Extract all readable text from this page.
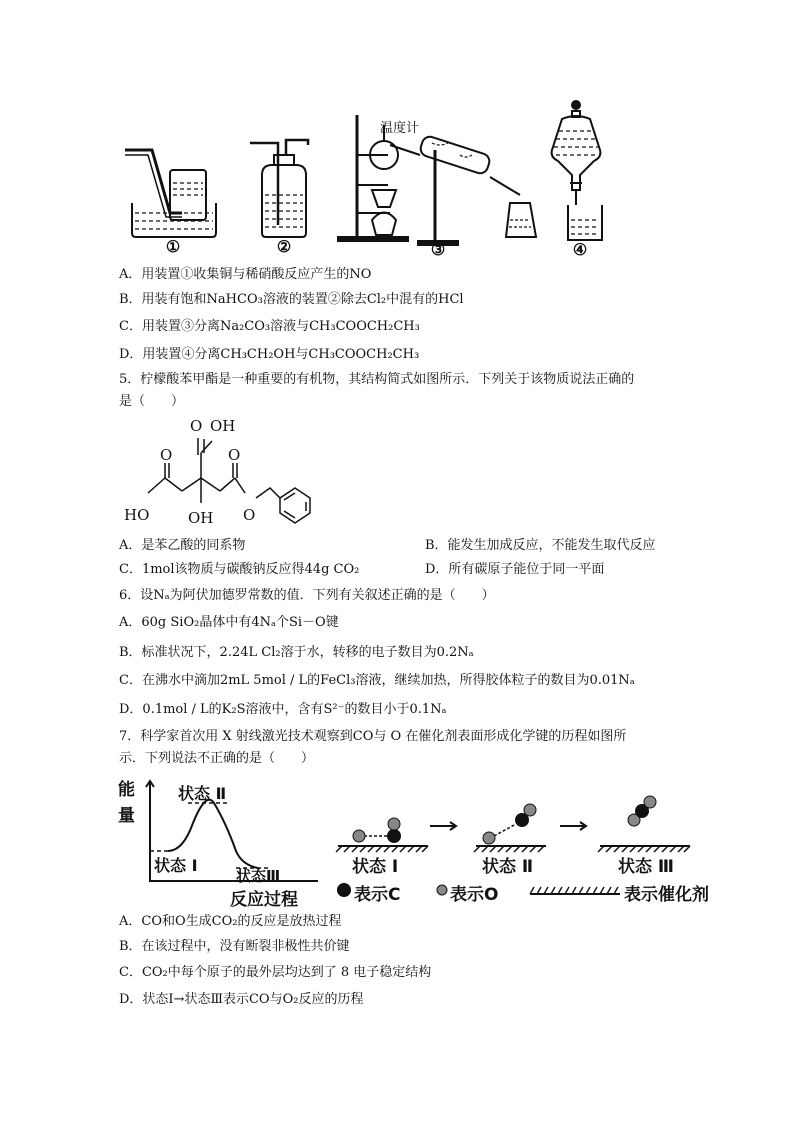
①	②	③	④
温度计
A．用装置①收集铜与稀硝酸反应产生的NO
B．用装有饱和NaHCO₃溶液的装置②除去Cl₂中混有的HCl
C．用装置③分离Na₂CO₃溶液与CH₃COOCH₂CH₃
D．用装置④分离CH₃CH₂OH与CH₃COOCH₂CH₃
5．柠檬酸苯甲酯是一种重要的有机物，其结构简式如图所示．下列关于该物质说法正确的
是（　　）
O OH
O	O
HO	OH O
A．是苯乙酸的同系物	B．能发生加成反应，不能发生取代反应
C．1mol该物质与碳酸钠反应得44g CO₂	D．所有碳原子能位于同一平面
6．设Nₐ为阿伏加德罗常数的值．下列有关叙述正确的是（　　）
A．60g SiO₂晶体中有4Nₐ个Si－O键
B．标准状况下，2.24L Cl₂溶于水，转移的电子数目为0.2Nₐ
C．在沸水中滴加2mL 5mol / L的FeCl₃溶液，继续加热，所得胶体粒子的数目为0.01Nₐ
D．0.1mol / L的K₂S溶液中，含有S²⁻的数目小于0.1Nₐ
7．科学家首次用 X 射线激光技术观察到CO与 O 在催化剂表面形成化学键的历程如图所
示．下列说法不正确的是（　　）
能
量
反应过程
状态 I
状态 Ⅱ
状态Ⅲ	状态 I	状态 Ⅱ	状态 Ⅲ
表示C	表示O	表示催化剂
A．CO和O生成CO₂的反应是放热过程
B．在该过程中，没有断裂非极性共价键
C．CO₂中每个原子的最外层均达到了 8 电子稳定结构
D．状态Ⅰ→状态Ⅲ表示CO与O₂反应的历程
